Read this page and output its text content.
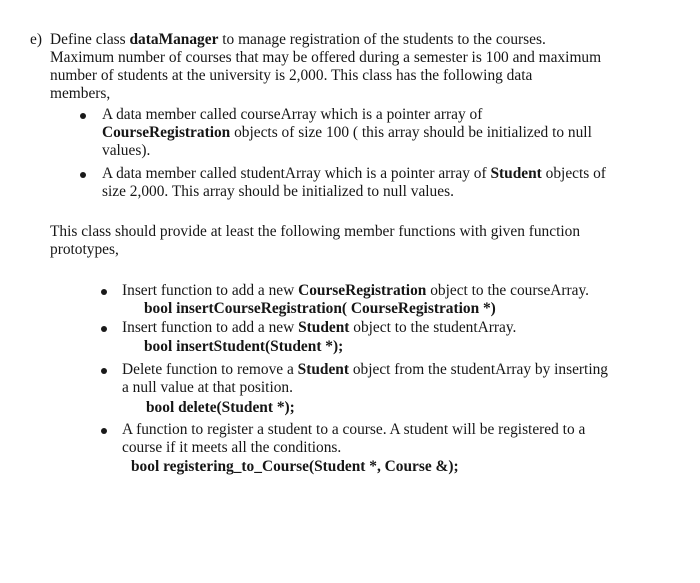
e) Define class dataManager to manage registration of the students to the courses.
Maximum number of courses that may be offered during a semester is 100 and maximum
number of students at the university is 2,000. This class has the following data
members,
A data member called courseArray which is a pointer array of
CourseRegistration objects of size 100 ( this array should be initialized to null
values).
A data member called studentArray which is a pointer array of Student objects of
size 2,000. This array should be initialized to null values.
This class should provide at least the following member functions with given function
prototypes,
Insert function to add a new CourseRegistration object to the courseArray.
bool insertCourseRegistration( CourseRegistration *)
Insert function to add a new Student object to the studentArray.
bool insertStudent(Student *);
Delete function to remove a Student object from the studentArray by inserting
a null value at that position.
bool delete(Student *);
A function to register a student to a course. A student will be registered to a
course if it meets all the conditions.
bool registering_to_Course(Student *, Course &);
